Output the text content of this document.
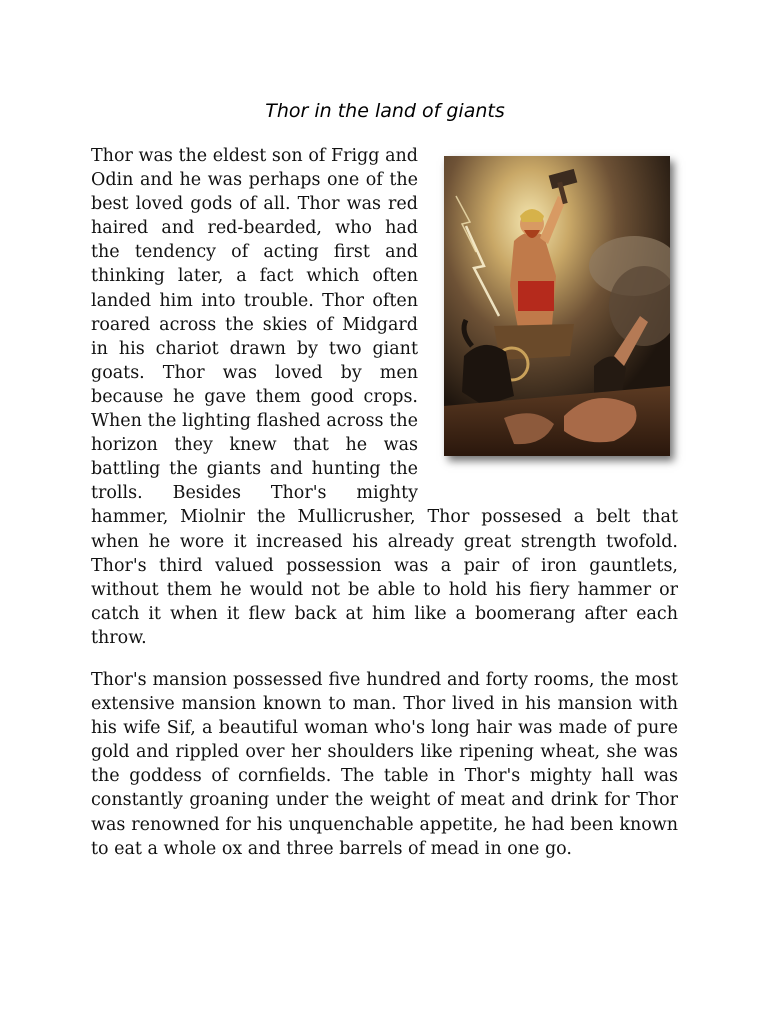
Thor in the land of giants

Thor was the eldest son of Frigg and Odin and he was perhaps one of the best loved gods of all. Thor was red haired and red-bearded, who had the tendency of acting first and thinking later, a fact which often landed him into trouble. Thor often roared across the skies of Midgard in his chariot drawn by two giant goats. Thor was loved by men because he gave them good crops. When the lighting flashed across the horizon they knew that he was battling the giants and hunting the trolls. Besides Thor's mighty hammer, Miolnir the Mullicrusher, Thor possesed a belt that when he wore it increased his already great strength twofold. Thor's third valued possession was a pair of iron gauntlets, without them he would not be able to hold his fiery hammer or catch it when it flew back at him like a boomerang after each throw.

Thor's mansion possessed five hundred and forty rooms, the most extensive mansion known to man. Thor lived in his mansion with his wife Sif, a beautiful woman who's long hair was made of pure gold and rippled over her shoulders like ripening wheat, she was the goddess of cornfields. The table in Thor's mighty hall was constantly groaning under the weight of meat and drink for Thor was renowned for his unquenchable appetite, he had been known to eat a whole ox and three barrels of mead in one go.
